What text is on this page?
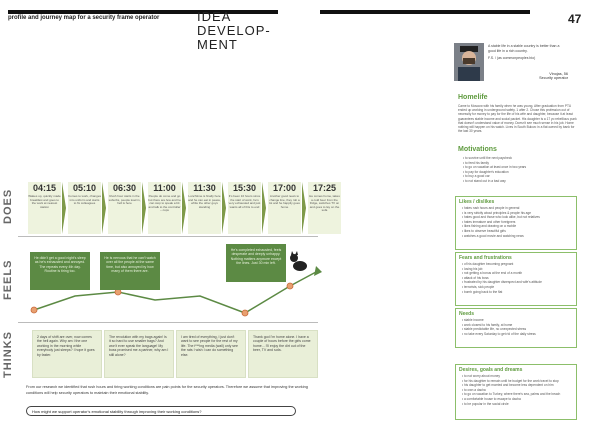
profile and journey map for a security frame operator	IDEA
DEVELOP-
MENT
47
DOES
FEELS
THINKS
04:15
Wakes up, quickly made breakfast and goes to the work at nearest station
05:10
Comes to work, changes into uniform and starts to fix colleagues
06:30
Rush hour starts in the suburbs, people load in, hell is here
11:00
People do come and go but there are few and he can stop to speak a bit and talk to the controller – cops
11:30
Lunchtime is finally here and he can eat in peace, while the other guys standing
15:30
It's been 10 hours since the start of work, he's very exhausted and just wants all of this to end
17:00
Another good news to change line, they rob a lot and he happily goes home
17:25
He comes home, takes a cold beer from the fridge, switches TV on and goes to lay on the sofa
He didn't get a good night's sleep as he's exhausted and annoyed. The repeats every 4th day. Routine is tiring too.
He is nervous that he can't watch over all the people at the same time, but also annoyed by how many of them there are.
He's completed exhausted, feels desperate and deeply unhappy. Nothing matters anymore except the lines. Just 30 min left.
2 days of shift are over, now comes the hell again. Why am I the one working in the morning while everybody just sleeps? I hope it goes by faster.
The revolution with my bags again! Is it so hard to use smaller bags? And won't ever speak the language! My boss promised me a partner, why am I still alone?
I am tired of everything, I just don't want to see people for the rest of my life. The f***ing media (wall) only see the rats I wish I can do something else.
Thank god I'm home alone. I have a couple of hours before the girls come home... I'll enjoy the dirt out of the beer, TV and sofa.
From our research we identified that rush hours and tiring working conditions are pain points for the security operators. Therefore we assume that improving the working conditions will help security operators to maintain their emotional stability.
How might we support operator's emotional stability through improving their working conditions?
A stable life in a stable country is better than a good life in a rich country.
F.S. / (as commonpeoples bio)
Vinojas, 56
Security operator
Homelife
Came to Moscow with his family when he was young. After graduation from PTU ended up working in underground safety. 1 after 2. Chose this profession out of necessity for money to pay for the life of his wife and daughter, because it at least guarantees stable income and social packet. His daughter is a 17 yo rebellious punk that doesn't understand value of money. Doesn't see much sense in his job. Home nothing will happen on his watch. Lives in South Bulovo in a flat owned by bank for the last 30 years.
Motivations
• to survive until the next paycheck
• to feed his family
• to go on vacation at least once in two years
• to pay for daughter's education
• to buy a good car
• to not stand out in a bad way
Likes / dislikes
• hates rush hours and people in general
• is very strictly about principles & people his age
• hates good and those who look alike, but not relatives
• hates immature and other foreigners
• likes fishing and drawing on a mobile
• likes to observe beautiful girls
• watches a good movie and watching news
Fears and frustrations
• of his daughter becoming pregnant
• losing his job
• not getting a bonus at the end of a month
• attack of his boss
• frustrated by his daughter disrespect and wife's attitude
• terrorists, sick people
• bomb going back to the flat
Needs
• stable income
• work closest to his family, at home
• stable predictable life, no unexpected stress
• no take every Saturday to get rid of the daily stress
Desires, goals and dreams
• to not worry about money
• for his daughter to remain until he budget for the work travel to stop
• his daughter to get married and become less dependent on him
• to own a dacha
• to go on vacation to Turkey, where there's sea, palms and the beach
• a comfortable house to escape to dacha
• to be popular in the social circle
